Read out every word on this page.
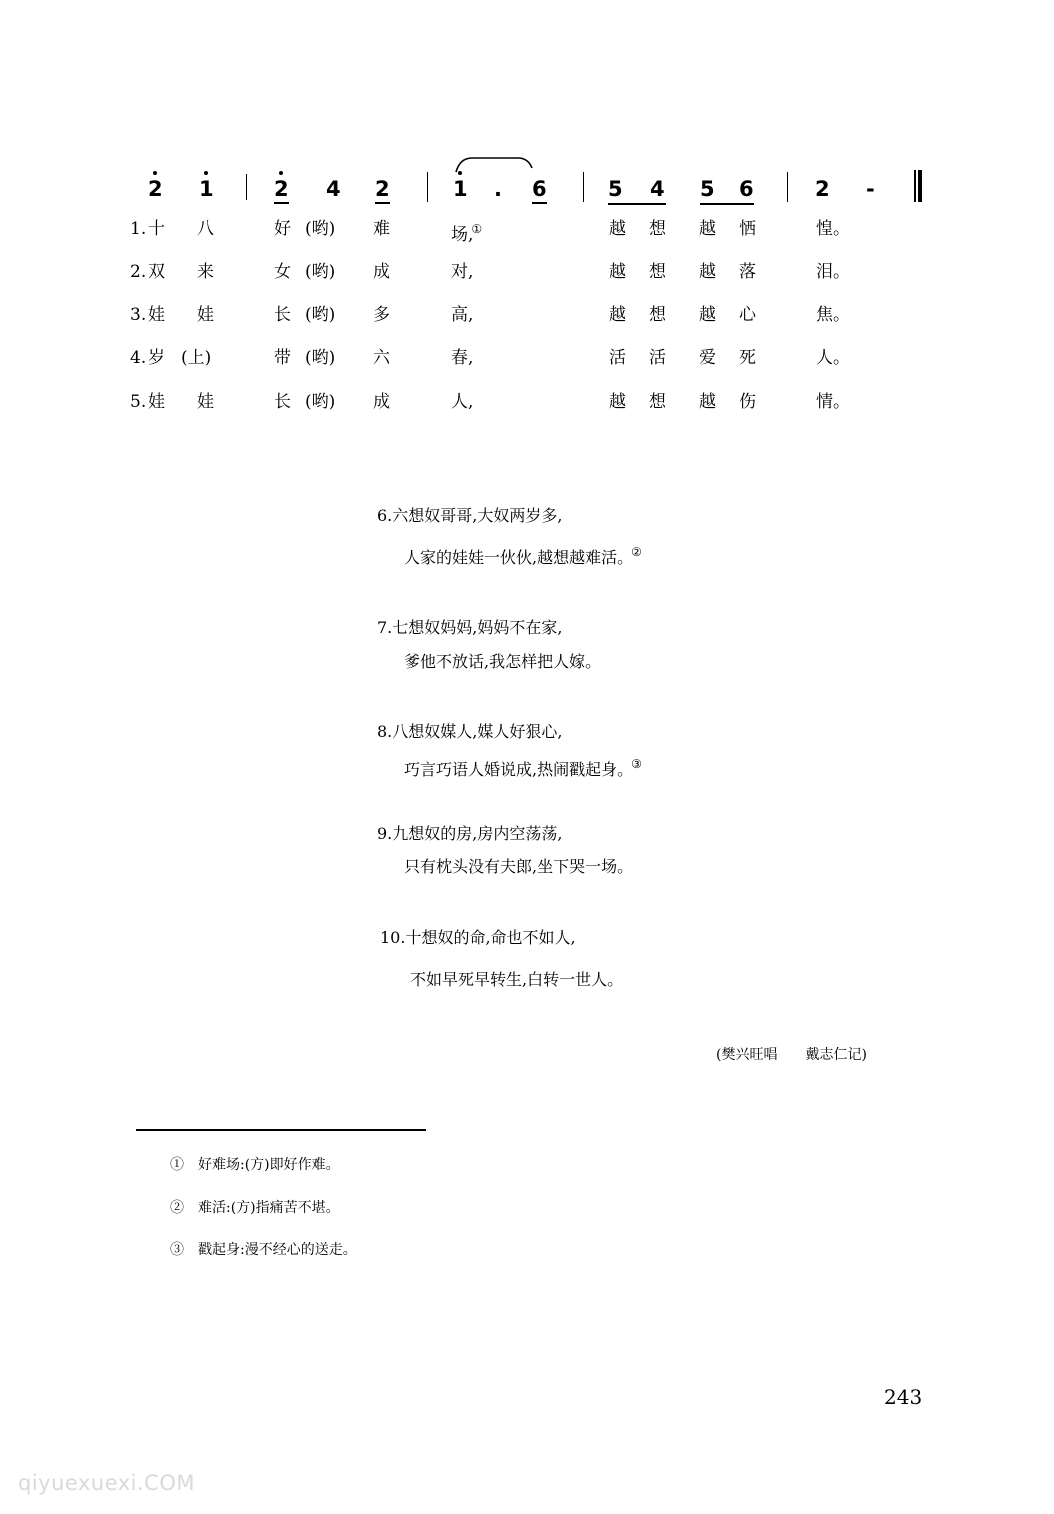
2 1	2 4 2	1 . 6	5 4 5 6	2 -
1. 十 八	好 (哟) 难	场,①	越 想 越 恓	惶。
2. 双 来	女 (哟) 成	对,	越 想 越 落	泪。
3. 娃 娃	长 (哟) 多	高,	越 想 越 心	焦。
4. 岁 (上)	带 (哟) 六	春,	活 活 爱 死	人。
5. 娃 娃	长 (哟) 成	人,	越 想 越 伤	情。
6.六想奴哥哥,大奴两岁多,
人家的娃娃一伙伙,越想越难活。②
7.七想奴妈妈,妈妈不在家,
爹他不放话,我怎样把人嫁。
8.八想奴媒人,媒人好狠心,
巧言巧语人婚说成,热闹戳起身。③
9.九想奴的房,房内空荡荡,
只有枕头没有夫郎,坐下哭一场。
10.十想奴的命,命也不如人,
不如早死早转生,白转一世人。
(樊兴旺唱　　戴志仁记)
①　好难场:(方)即好作难。
②　难活:(方)指痛苦不堪。
③　戳起身:漫不经心的送走。
243
qiyuexuexi.COM
